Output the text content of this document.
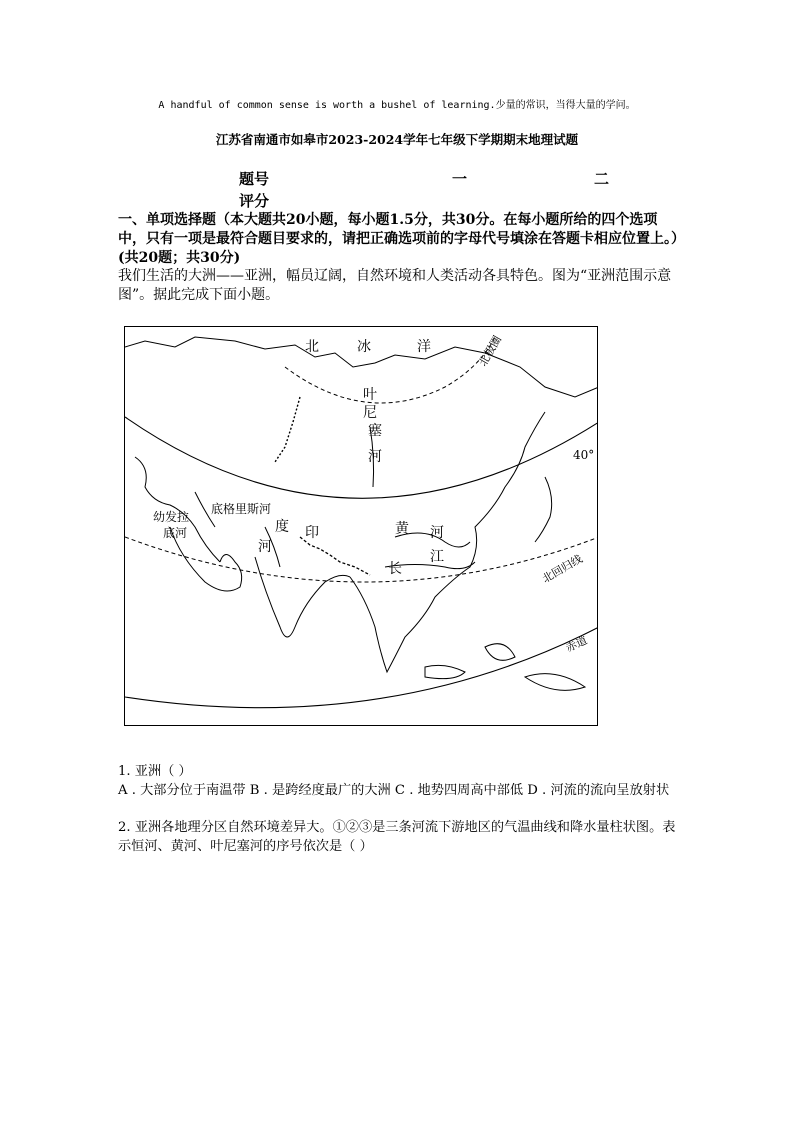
A handful of common sense is worth a bushel of learning.少量的常识，当得大量的学问。
江苏省南通市如皋市2023-2024学年七年级下学期期末地理试题
题号	一	二
评分
一、单项选择题（本大题共20小题，每小题1.5分，共30分。在每小题所给的四个选项中，只有一项是最符合题目要求的，请把正确选项前的字母代号填涂在答题卡相应位置上。）(共20题；共30分)
我们生活的大洲——亚洲，幅员辽阔，自然环境和人类活动各具特色。图为“亚洲范围示意图”。据此完成下面小题。
北	冰	洋	北极圈
叶
尼
塞
河	40°
底格里斯河
幼发拉
底河	度
河
印	黄 河
江
长	北回归线
赤道
1. 亚洲（ ）
A . 大部分位于南温带 B . 是跨经度最广的大洲 C . 地势四周高中部低 D . 河流的流向呈放射状
2. 亚洲各地理分区自然环境差异大。①②③是三条河流下游地区的气温曲线和降水量柱状图。表示恒河、黄河、叶尼塞河的序号依次是（ ）
